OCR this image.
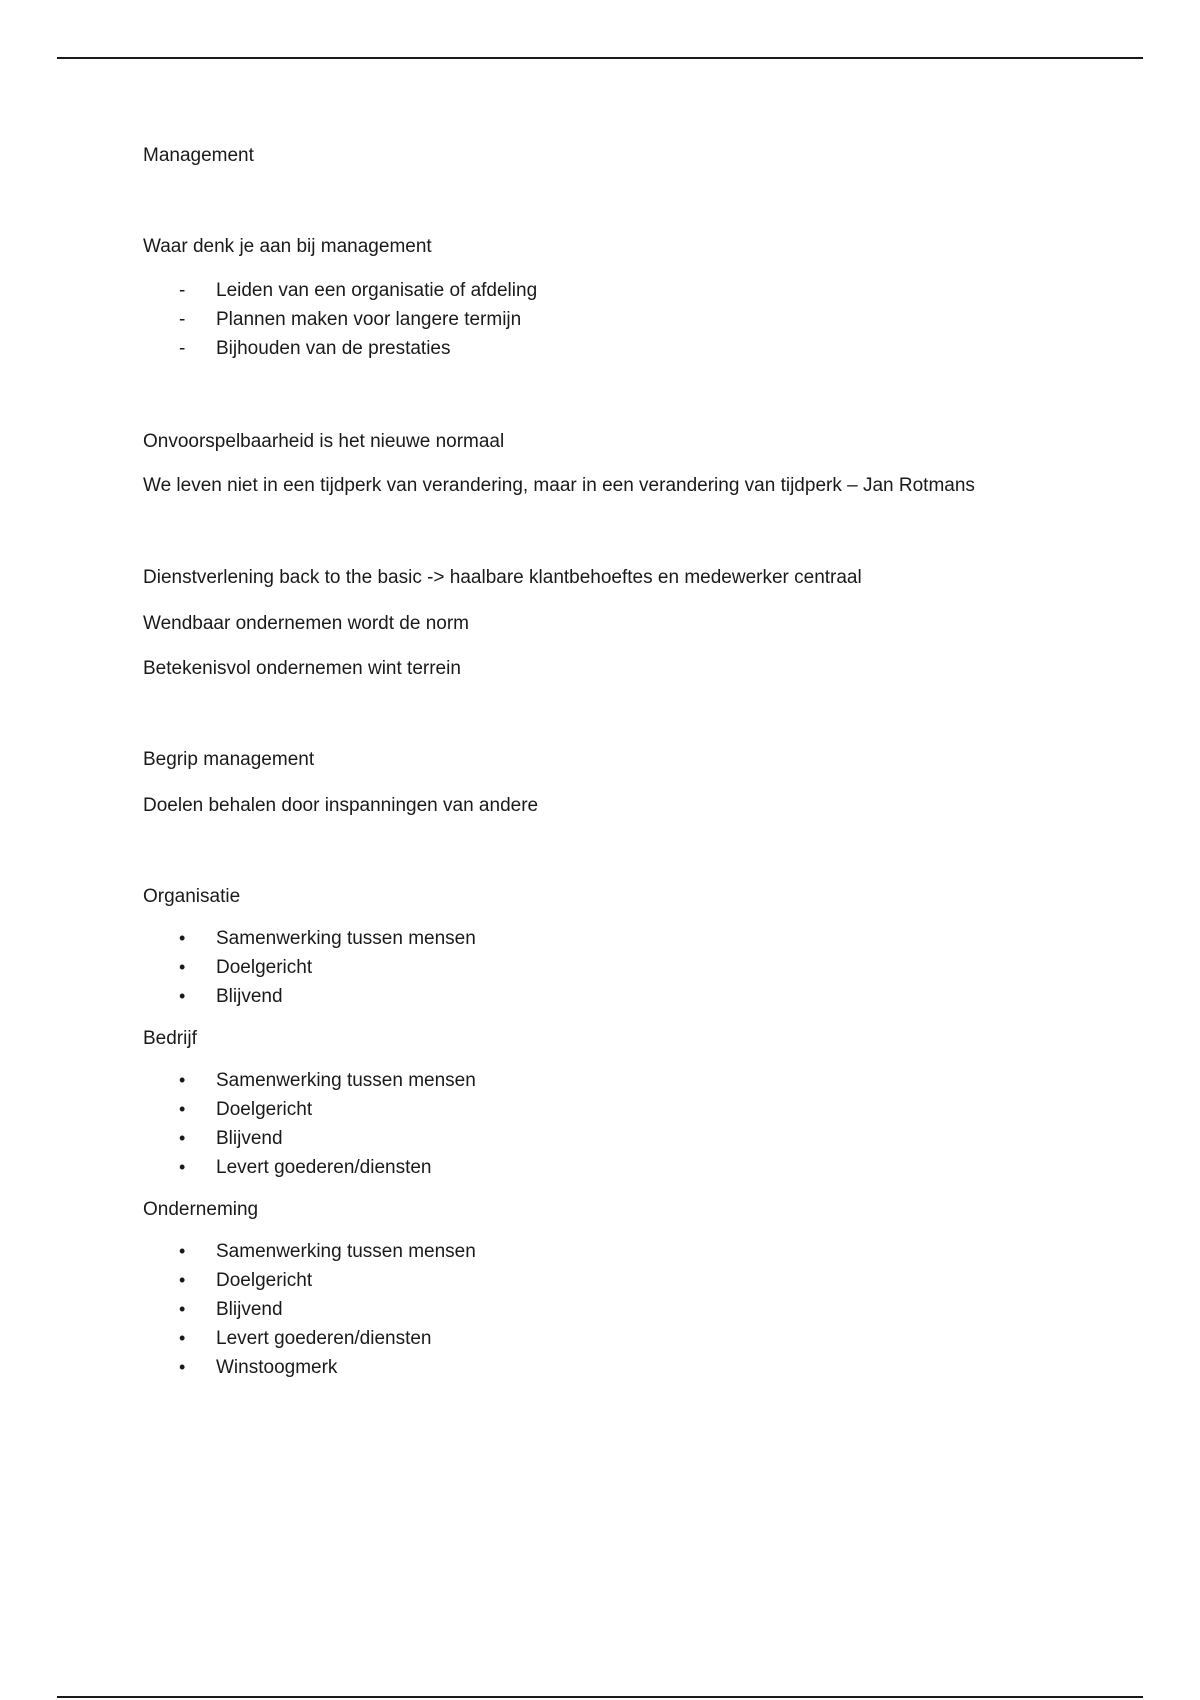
Management

Waar denk je aan bij management

-	Leiden van een organisatie of afdeling
-	Plannen maken voor langere termijn
-	Bijhouden van de prestaties

Onvoorspelbaarheid is het nieuwe normaal

We leven niet in een tijdperk van verandering, maar in een verandering van tijdperk – Jan Rotmans

Dienstverlening back to the basic -> haalbare klantbehoeftes en medewerker centraal

Wendbaar ondernemen wordt de norm

Betekenisvol ondernemen wint terrein

Begrip management

Doelen behalen door inspanningen van andere

Organisatie

•	Samenwerking tussen mensen
•	Doelgericht
•	Blijvend

Bedrijf

•	Samenwerking tussen mensen
•	Doelgericht
•	Blijvend
•	Levert goederen/diensten

Onderneming

•	Samenwerking tussen mensen
•	Doelgericht
•	Blijvend
•	Levert goederen/diensten
•	Winstoogmerk
